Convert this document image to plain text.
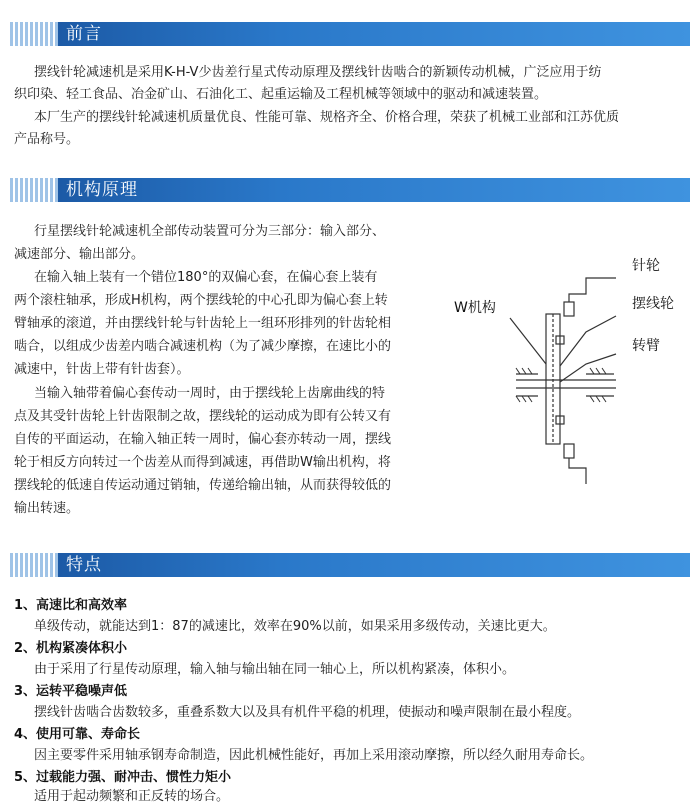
前言
摆线针轮减速机是采用K-H-V少齿差行星式传动原理及摆线针齿啮合的新颖传动机械，广泛应用于纺
织印染、轻工食品、冶金矿山、石油化工、起重运输及工程机械等领域中的驱动和减速装置。
本厂生产的摆线针轮减速机质量优良、性能可靠、规格齐全、价格合理，荣获了机械工业部和江苏优质
产品称号。
机构原理
行星摆线针轮减速机全部传动装置可分为三部分：输入部分、
减速部分、输出部分。
在输入轴上装有一个错位180°的双偏心套，在偏心套上装有
两个滚柱轴承，形成H机构，两个摆线轮的中心孔即为偏心套上转
臂轴承的滚道，并由摆线针轮与针齿轮上一组环形排列的针齿轮相
啮合，以组成少齿差内啮合减速机构（为了减少摩擦，在速比小的
减速中，针齿上带有针齿套）。
当输入轴带着偏心套传动一周时，由于摆线轮上齿廓曲线的特
点及其受针齿轮上针齿限制之故，摆线轮的运动成为即有公转又有
自传的平面运动，在输入轴正转一周时，偏心套亦转动一周，摆线
轮于相反方向转过一个齿差从而得到减速，再借助W输出机构，将
摆线轮的低速自传运动通过销轴，传递给输出轴，从而获得较低的
输出转速。
针轮
W机构	摆线轮
转臂
特点
1、高速比和高效率
单级传动，就能达到1：87的减速比，效率在90%以前，如果采用多级传动，关速比更大。
2、机构紧凑体积小
由于采用了行星传动原理，输入轴与输出轴在同一轴心上，所以机构紧凑，体积小。
3、运转平稳噪声低
摆线针齿啮合齿数较多，重叠系数大以及具有机件平稳的机理，使振动和噪声限制在最小程度。
4、使用可靠、寿命长
因主要零件采用轴承钢寿命制造，因此机械性能好，再加上采用滚动摩擦，所以经久耐用寿命长。
5、过载能力强、耐冲击、惯性力矩小
适用于起动频繁和正反转的场合。
